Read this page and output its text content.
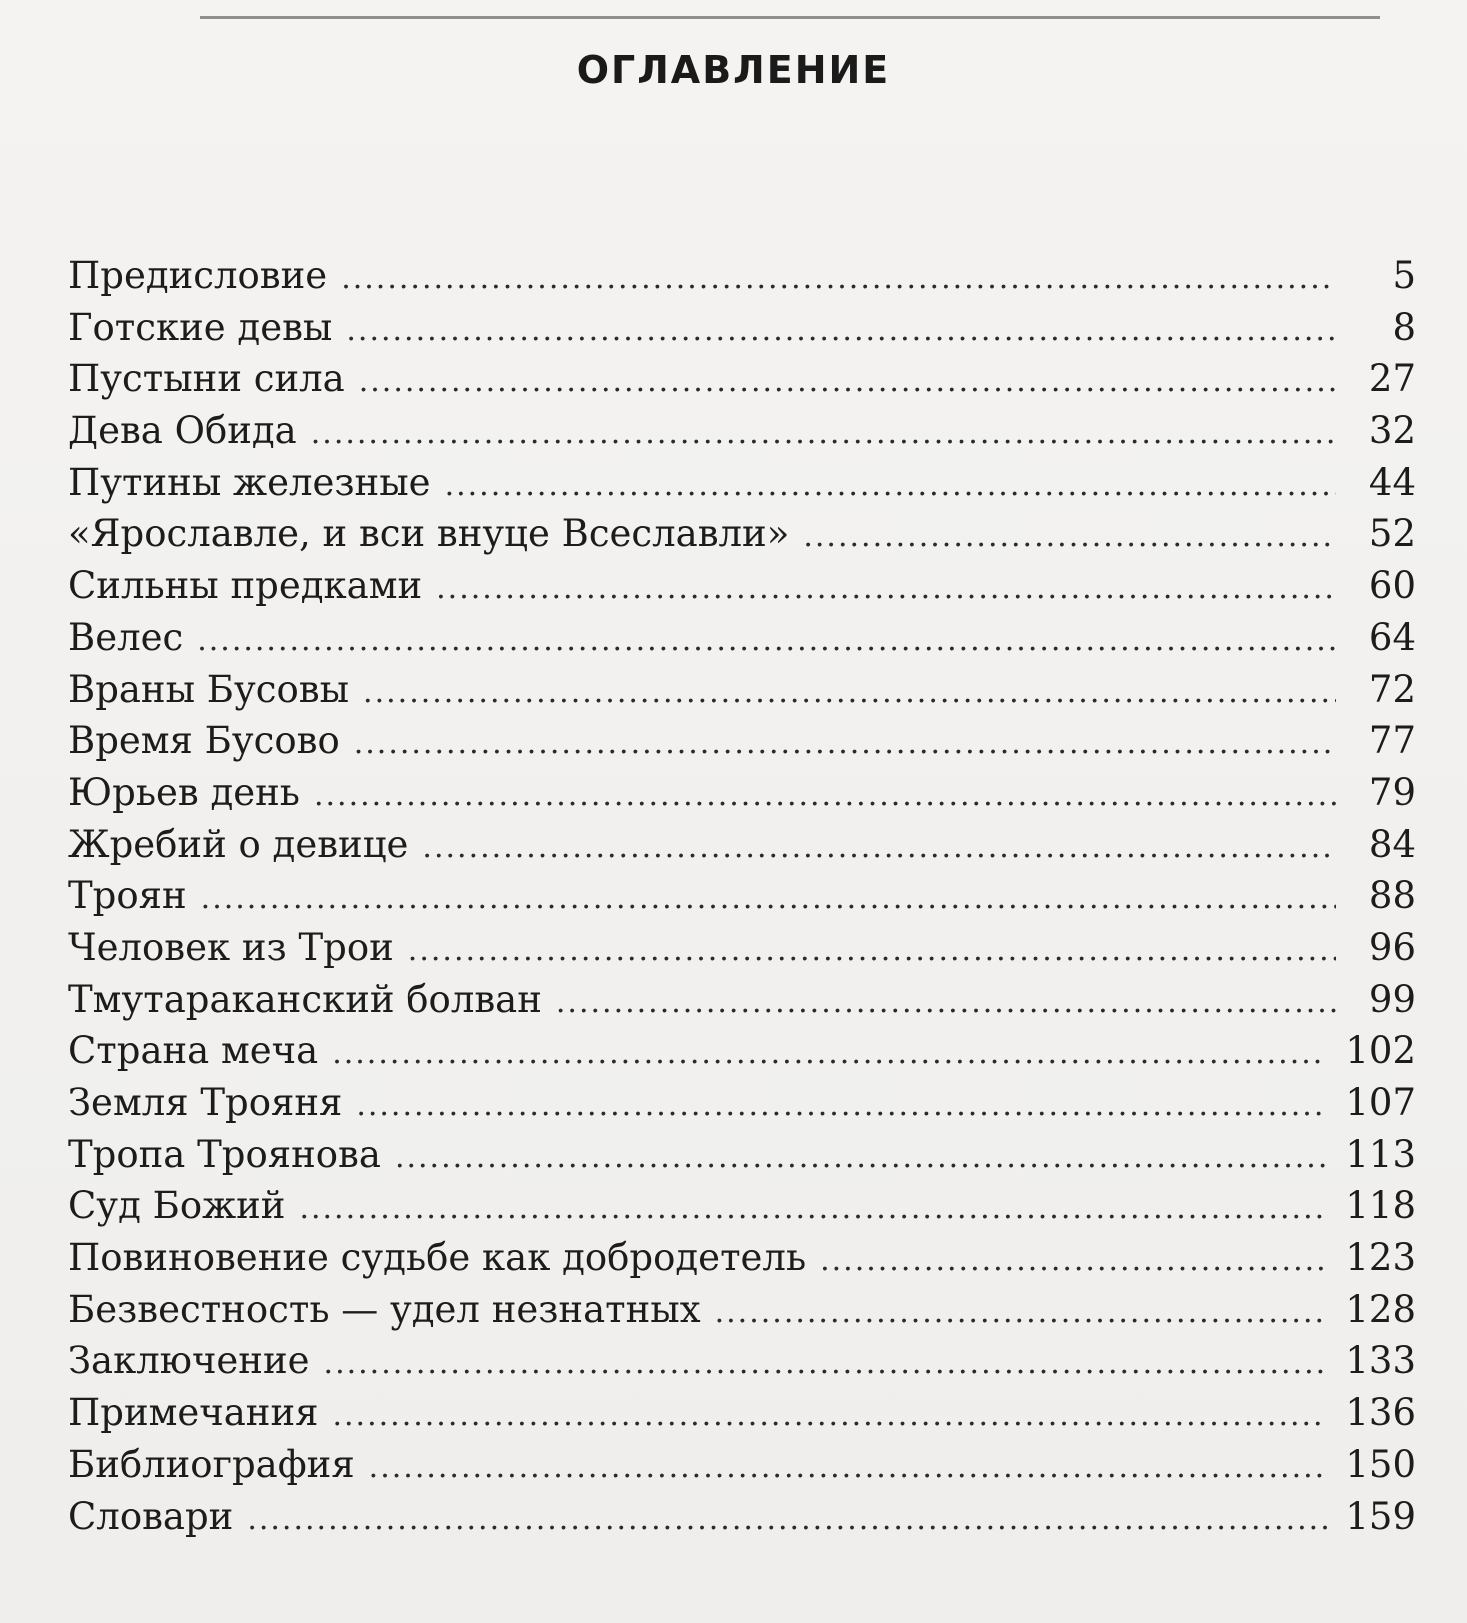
ОГЛАВЛЕНИЕ
Предисловие .....	5
Готские девы .....	8
Пустыни сила .....	27
Дева Обида .....	32
Путины железные .....	44
«Ярославле, и вси внуце Всеславли» .....	52
Сильны предками .....	60
Велес .....	64
Враны Бусовы .....	72
Время Бусово .....	77
Юрьев день .....	79
Жребий о девице .....	84
Троян .....	88
Человек из Трои .....	96
Тмутараканский болван .....	99
Страна меча .....	102
Земля Трояня .....	107
Тропа Троянова .....	113
Суд Божий .....	118
Повиновение судьбе как добродетель .....	123
Безвестность — удел незнатных .....	128
Заключение .....	133
Примечания .....	136
Библиография .....	150
Словари .....	159
